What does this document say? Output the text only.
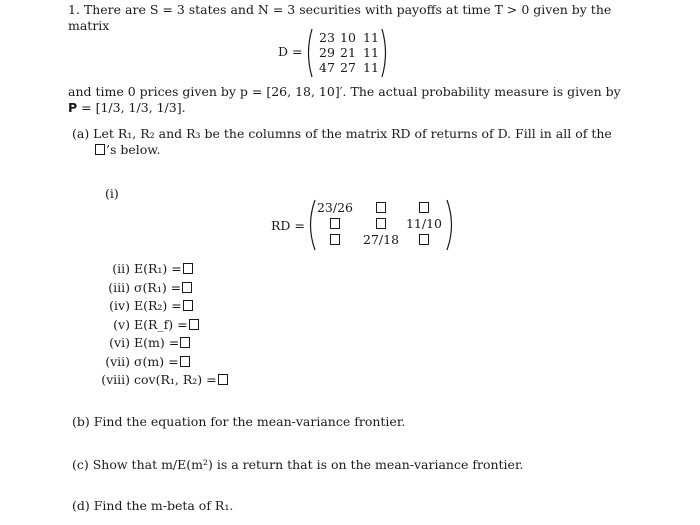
1. There are S = 3 states and N = 3 securities with payoffs at time T > 0 given by the
matrix
D =
23 10 11
29 21 11
47 27 11
and time 0 prices given by p = [26, 18, 10]′. The actual probability measure is given by
P = [1/3, 1/3, 1/3].
(a) Let R₁, R₂ and R₃ be the columns of the matrix RD of returns of D. Fill in all of the
’s below.
(i)
RD =
23/26
11/10
27/18
(ii) E(R₁) =
(iii) σ(R₁) =
(iv) E(R₂) =
(v) E(R_f) =
(vi) E(m) =
(vii) σ(m) =
(viii) cov(R₁, R₂) =
(b) Find the equation for the mean-variance frontier.
(c) Show that m/E(m²) is a return that is on the mean-variance frontier.
(d) Find the m-beta of R₁.
